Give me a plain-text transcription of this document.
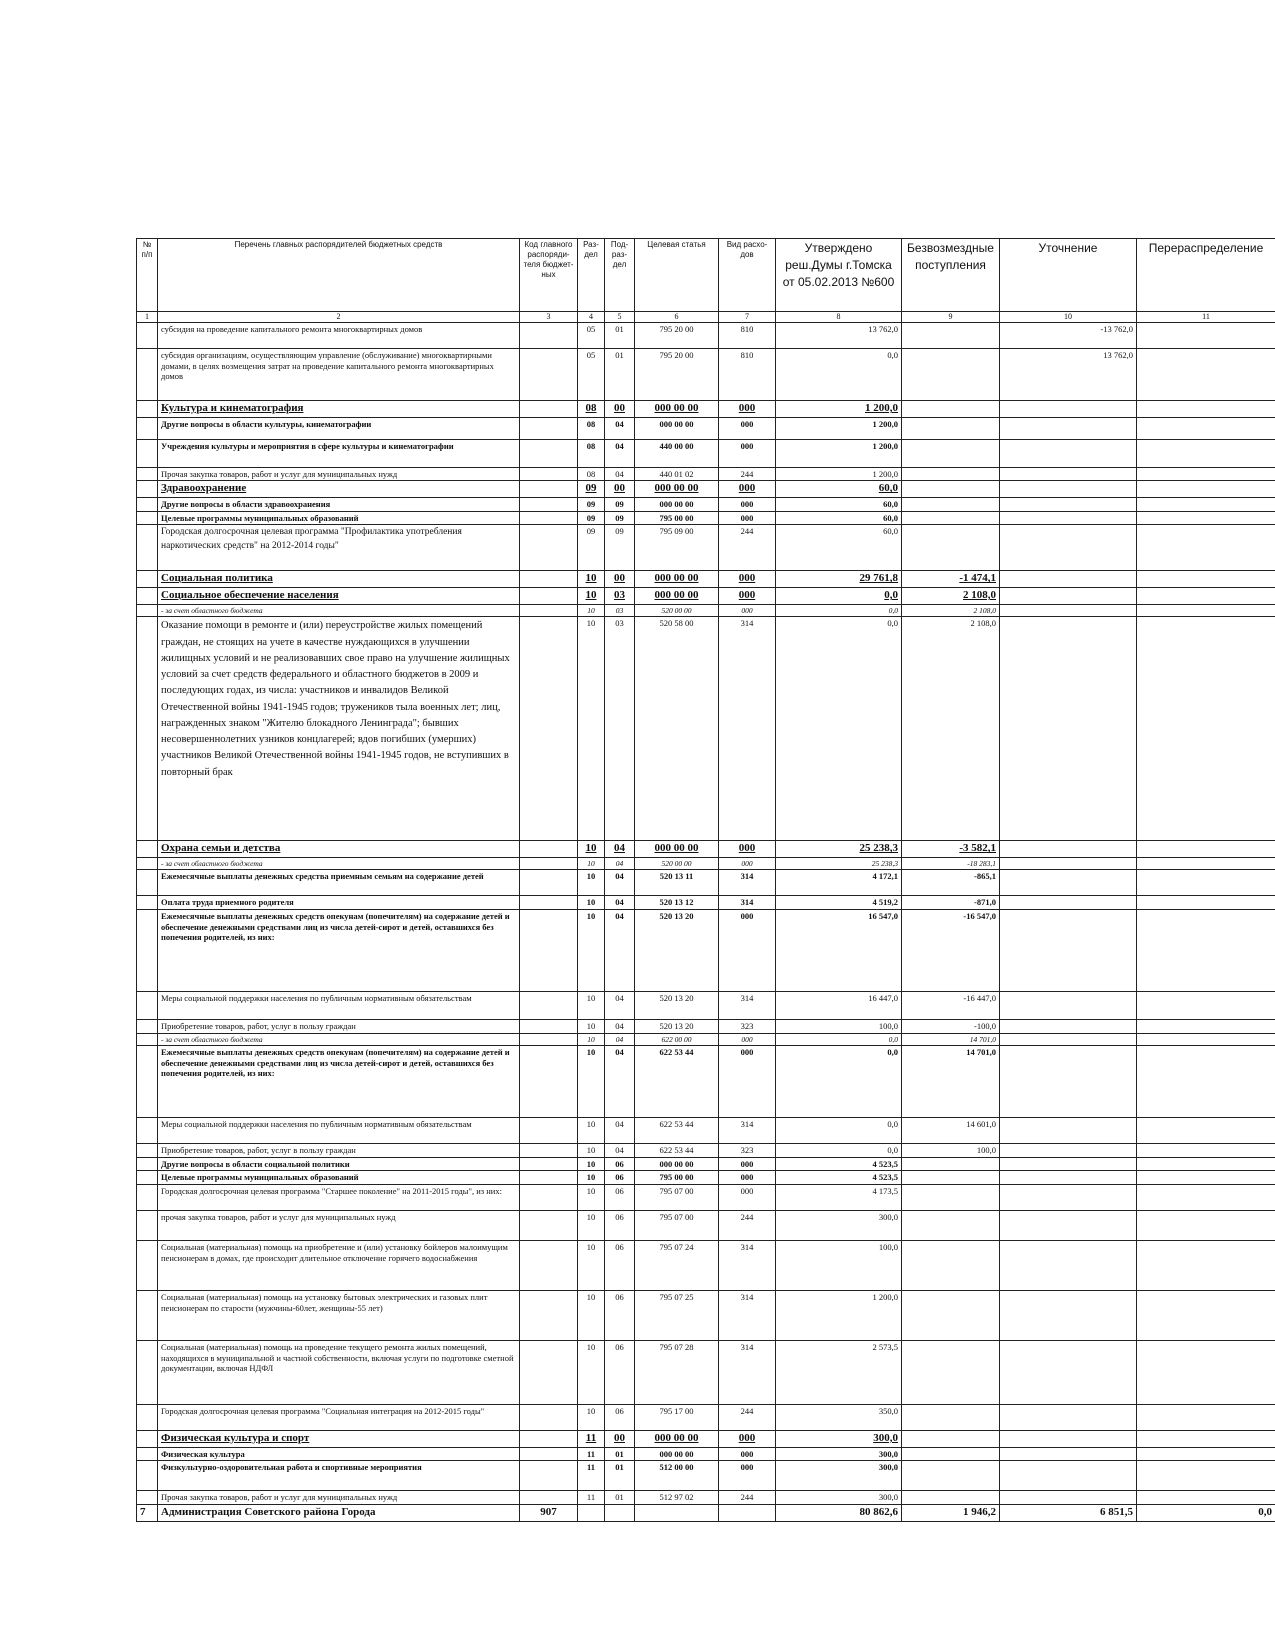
№ п/п	Перечень главных распорядителей бюджетных средств	Код главного распоряди-теля бюджет-ных	Раз-дел	Под-раз-дел	Целевая статья	Вид расхо-дов	Утверждено реш.Думы г.Томска от 05.02.2013 №600	Безвозмездные поступления	Уточнение	Перераспределение
1	2	3	4	5	6	7	8	9	10	11
	субсидия на проведение капитального ремонта многоквартирных домов		05	01	795 20 00	810	13 762,0		-13 762,0	
	субсидия организациям, осуществляющим управление (обслуживание) многоквартирными домами, в целях возмещения затрат на проведение капитального ремонта многоквартирных домов		05	01	795 20 00	810	0,0		13 762,0	
	Культура и кинематография		08	00	000 00 00	000	1 200,0			
	Другие вопросы в области культуры, кинематографии		08	04	000 00 00	000	1 200,0			
	Учреждения культуры и мероприятия в сфере культуры и кинематографии		08	04	440 00 00	000	1 200,0			
	Прочая закупка товаров, работ и услуг для муниципальных нужд		08	04	440 01 02	244	1 200,0			
	Здравоохранение		09	00	000 00 00	000	60,0			
	Другие вопросы в области здравоохранения		09	09	000 00 00	000	60,0			
	Целевые программы муниципальных образований		09	09	795 00 00	000	60,0			
	Городская долгосрочная целевая программа "Профилактика употребления наркотических средств" на 2012-2014 годы"		09	09	795 09 00	244	60,0			
	Социальная политика		10	00	000 00 00	000	29 761,8	-1 474,1		
	Социальное обеспечение населения		10	03	000 00 00	000	0,0	2 108,0		
	- за счет областного бюджета		10	03	520 00 00	000	0,0	2 108,0		
	Оказание помощи в ремонте и (или) переустройстве жилых помещений граждан, не стоящих на учете в качестве нуждающихся в улучшении жилищных условий и не реализовавших свое право на улучшение жилищных условий за счет средств федерального и областного бюджетов в 2009 и последующих годах, из числа: участников и инвалидов Великой Отечественной войны 1941-1945 годов; тружеников тыла военных лет; лиц, награжденных знаком "Жителю блокадного Ленинграда"; бывших несовершеннолетних узников концлагерей; вдов погибших (умерших) участников Великой Отечественной войны 1941-1945 годов, не вступивших в повторный брак		10	03	520 58 00	314	0,0	2 108,0		
	Охрана семьи и детства		10	04	000 00 00	000	25 238,3	-3 582,1		
	- за счет областного бюджета		10	04	520 00 00	000	25 238,3	-18 283,1		
	Ежемесячные выплаты денежных средства приемным семьям на содержание детей		10	04	520 13 11	314	4 172,1	-865,1		
	Оплата труда приемного родителя		10	04	520 13 12	314	4 519,2	-871,0		
	Ежемесячные выплаты денежных средств опекунам (попечителям) на содержание детей и обеспечение денежными средствами лиц из числа детей-сирот и детей, оставшихся без попечения родителей, из них:		10	04	520 13 20	000	16 547,0	-16 547,0		
	Меры социальной поддержки населения по публичным нормативным обязательствам		10	04	520 13 20	314	16 447,0	-16 447,0		
	Приобретение товаров, работ, услуг в пользу граждан		10	04	520 13 20	323	100,0	-100,0		
	- за счет областного бюджета		10	04	622 00 00	000	0,0	14 701,0		
	Ежемесячные выплаты денежных средств опекунам (попечителям) на содержание детей и обеспечение денежными средствами лиц из числа детей-сирот и детей, оставшихся без попечения родителей, из них:		10	04	622 53 44	000	0,0	14 701,0		
	Меры социальной поддержки населения по публичным нормативным обязательствам		10	04	622 53 44	314	0,0	14 601,0		
	Приобретение товаров, работ, услуг в пользу граждан		10	04	622 53 44	323	0,0	100,0		
	Другие вопросы в области социальной политики		10	06	000 00 00	000	4 523,5			
	Целевые программы муниципальных образований		10	06	795 00 00	000	4 523,5			
	Городская долгосрочная целевая программа "Старшее поколение" на 2011-2015 годы", из них:		10	06	795 07 00	000	4 173,5			
	прочая закупка товаров, работ и услуг для муниципальных нужд		10	06	795 07 00	244	300,0			
	Социальная (материальная) помощь на приобретение и (или) установку бойлеров малоимущим пенсионерам в домах, где происходит длительное отключение горячего водоснабжения		10	06	795 07 24	314	100,0			
	Социальная (материальная) помощь на установку бытовых электрических и газовых плит пенсионерам по старости (мужчины-60лет, женщины-55 лет)		10	06	795 07 25	314	1 200,0			
	Социальная (материальная) помощь на проведение текущего ремонта жилых помещений, находящихся в муниципальной и частной собственности, включая услуги по подготовке сметной документации, включая НДФЛ		10	06	795 07 28	314	2 573,5			
	Городская долгосрочная целевая программа "Социальная интеграция на 2012-2015 годы"		10	06	795 17 00	244	350,0			
	Физическая культура и спорт		11	00	000 00 00	000	300,0			
	Физическая культура		11	01	000 00 00	000	300,0			
	Физкультурно-оздоровительная работа и спортивные мероприятия		11	01	512 00 00	000	300,0			
	Прочая закупка товаров, работ и услуг для муниципальных нужд		11	01	512 97 02	244	300,0			
7	Администрация Советского района Города	907					80 862,6	1 946,2	6 851,5	0,0
